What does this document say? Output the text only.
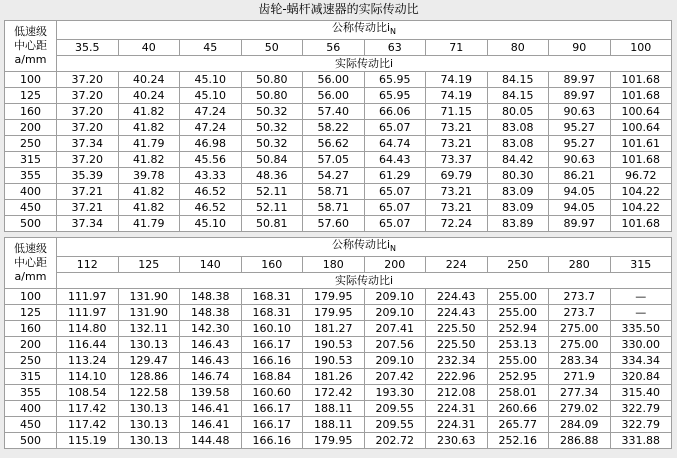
齿轮-蜗杆减速器的实际传动比
低速级
中心距
a/mm	公称传动比$i_N$
	35.5	40	45	50	56	63	71	80	90	100
	实际传动比i									
100	37.20	40.24	45.10	50.80	56.00	65.95	74.19	84.15	89.97	101.68
125	37.20	40.24	45.10	50.80	56.00	65.95	74.19	84.15	89.97	101.68
160	37.20	41.82	47.24	50.32	57.40	66.06	71.15	80.05	90.63	100.64
200	37.20	41.82	47.24	50.32	58.22	65.07	73.21	83.08	95.27	100.64
250	37.34	41.79	46.98	50.32	56.62	64.74	73.21	83.08	95.27	101.61
315	37.20	41.82	45.56	50.84	57.05	64.43	73.37	84.42	90.63	101.68
355	35.39	39.78	43.33	48.36	54.27	61.29	69.79	80.30	86.21	96.72
400	37.21	41.82	46.52	52.11	58.71	65.07	73.21	83.09	94.05	104.22
450	37.21	41.82	46.52	52.11	58.71	65.07	73.21	83.09	94.05	104.22
500	37.34	41.79	45.10	50.81	57.60	65.07	72.24	83.89	89.97	101.68
低速级
中心距
a/mm	公称传动比$i_N$
	112	125	140	160	180	200	224	250	280	315
	实际传动比i									
100	111.97	131.90	148.38	168.31	179.95	209.10	224.43	255.00	273.7	—
125	111.97	131.90	148.38	168.31	179.95	209.10	224.43	255.00	273.7	—
160	114.80	132.11	142.30	160.10	181.27	207.41	225.50	252.94	275.00	335.50
200	116.44	130.13	146.43	166.17	190.53	207.56	225.50	253.13	275.00	330.00
250	113.24	129.47	146.43	166.16	190.53	209.10	232.34	255.00	283.34	334.34
315	114.10	128.86	146.74	168.84	181.26	207.42	222.96	252.95	271.9	320.84
355	108.54	122.58	139.58	160.60	172.42	193.30	212.08	258.01	277.34	315.40
400	117.42	130.13	146.41	166.17	188.11	209.55	224.31	260.66	279.02	322.79
450	117.42	130.13	146.41	166.17	188.11	209.55	224.31	265.77	284.09	322.79
500	115.19	130.13	144.48	166.16	179.95	202.72	230.63	252.16	286.88	331.88
